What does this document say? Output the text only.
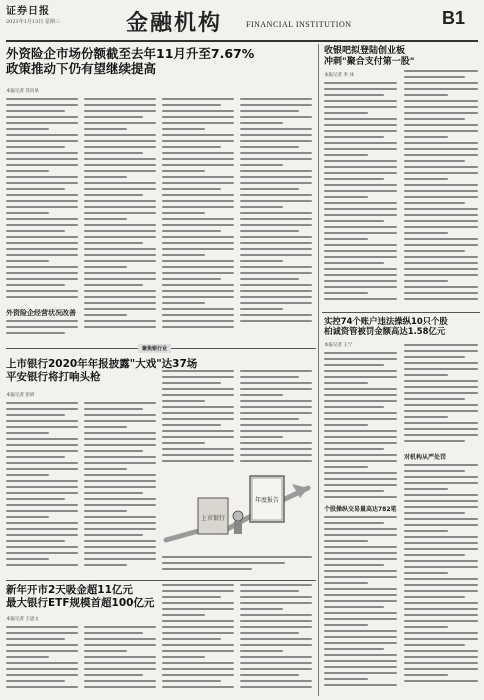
证券日报
2021年1月13日 星期三	金融机构	FINANCIAL INSTITUTION	B1
外资险企市场份额截至去年11月升至7.67%
政策推动下仍有望继续提高
本报记者 苏向杲
外资险企经营状况改善
收银吧拟登陆创业板
冲刺"聚合支付第一股"
本报记者 李 冰
实控74个账户违法操纵10只个股
柏诚资管被罚金额高达1.58亿元
本报记者 王宁
个股操纵交易量高达782笔
对机构从严处罚
聚焦银行业
上市银行2020年年报披露"大戏"达37场
平安银行将打响头枪
本报记者 彭妍
上市银行
年度报告
新年开市2天吸金超11亿元
最大银行ETF规模首超100亿元
本报记者 王思文
